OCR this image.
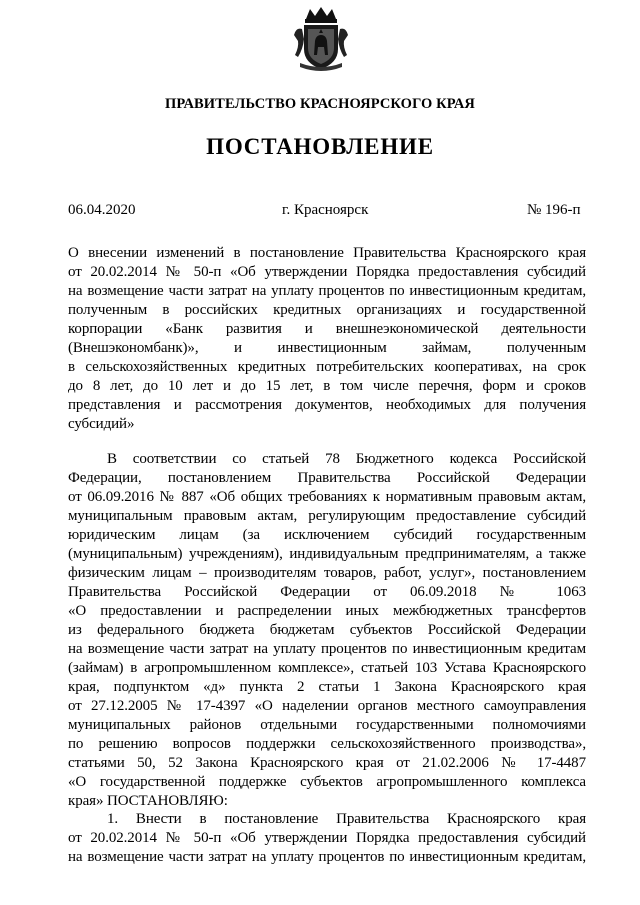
ПРАВИТЕЛЬСТВО КРАСНОЯРСКОГО КРАЯ
ПОСТАНОВЛЕНИЕ
06.04.2020	г. Красноярск	№ 196-п
О внесении изменений в постановление Правительства Красноярского края
от 20.02.2014 № 50-п «Об утверждении Порядка предоставления субсидий
на возмещение части затрат на уплату процентов по инвестиционным кредитам,
полученным в российских кредитных организациях и государственной
корпорации «Банк развития и внешнеэкономической деятельности
(Внешэкономбанк)», и инвестиционным займам, полученным
в сельскохозяйственных кредитных потребительских кооперативах, на срок
до 8 лет, до 10 лет и до 15 лет, в том числе перечня, форм и сроков
представления и рассмотрения документов, необходимых для получения
субсидий»
В соответствии со статьей 78 Бюджетного кодекса Российской
Федерации, постановлением Правительства Российской Федерации
от 06.09.2016 № 887 «Об общих требованиях к нормативным правовым актам,
муниципальным правовым актам, регулирующим предоставление субсидий
юридическим лицам (за исключением субсидий государственным
(муниципальным) учреждениям), индивидуальным предпринимателям, а также
физическим лицам – производителям товаров, работ, услуг», постановлением
Правительства Российской Федерации от 06.09.2018 № 1063
«О предоставлении и распределении иных межбюджетных трансфертов
из федерального бюджета бюджетам субъектов Российской Федерации
на возмещение части затрат на уплату процентов по инвестиционным кредитам
(займам) в агропромышленном комплексе», статьей 103 Устава Красноярского
края, подпунктом «д» пункта 2 статьи 1 Закона Красноярского края
от 27.12.2005 № 17-4397 «О наделении органов местного самоуправления
муниципальных районов отдельными государственными полномочиями
по решению вопросов поддержки сельскохозяйственного производства»,
статьями 50, 52 Закона Красноярского края от 21.02.2006 № 17-4487
«О государственной поддержке субъектов агропромышленного комплекса
края» ПОСТАНОВЛЯЮ:
1. Внести в постановление Правительства Красноярского края
от 20.02.2014 № 50-п «Об утверждении Порядка предоставления субсидий
на возмещение части затрат на уплату процентов по инвестиционным кредитам,
